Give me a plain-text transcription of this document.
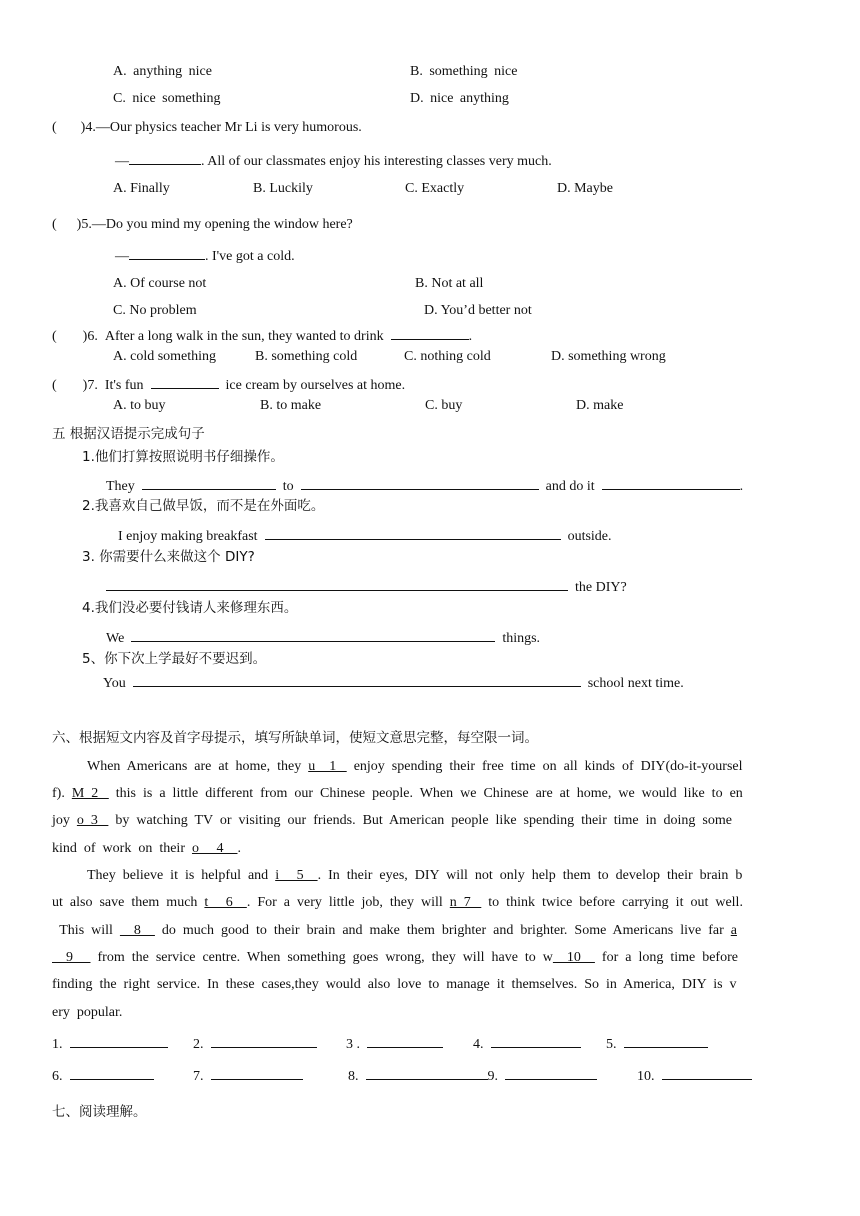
A. anything nice	B. something nice
C. nice something	D. nice anything
( )4.—Our physics teacher Mr Li is very humorous.
—	. All of our classmates enjoy his interesting classes very much.
A. Finally	B. Luckily	C. Exactly	D. Maybe
( )5.—Do you mind my opening the window here?
—	. I've got a cold.
A. Of course not	B. Not at all
C. No problem	D. You’d better not
( )6. After a long walk in the sun, they wanted to drink	.
A. cold something	B. something cold	C. nothing cold	D. something wrong
( )7. It's fun	ice cream by ourselves at home.
A. to buy	B. to make	C. buy	D. make
五 根据汉语提示完成句子
1.他们打算按照说明书仔细操作。
They	to	and do it	.
2.我喜欢自己做早饭，而不是在外面吃。
I enjoy making breakfast	outside.
3. 你需要什么来做这个 DIY?
the DIY?
4.我们没必要付钱请人来修理东西。
We	things.
5、你下次上学最好不要迟到。
You	school next time.
六、根据短文内容及首字母提示，填写所缺单词，使短文意思完整，每空限一词。
When  Americans  are  at  home,  they  u    1     enjoy  spending  their  free  time  on  all  kinds  of  DIY(do-it-yoursel
f).  M  2     this  is  a  little  different  from  our  Chinese  people.  When  we  Chinese  are  at  home,  we  would  like  to  en
joy  o  3     by  watching  TV  or  visiting  our  friends.  But  American  people  like  spending  their  time  in  doing  some
kind  of  work  on  their  o     4    .
They  believe  it  is  helpful  and  i     5    .  In  their  eyes,  DIY  will  not  only  help  them  to  develop  their  brain  b
ut  also  save  them  much  t     6    .  For  a  very  little  job,  they  will  n  7     to  think  twice  before  carrying  it  out  well.
This  will      8      do  much  good  to  their  brain  and  make  them  brighter  and  brighter.  Some  Americans  live  far  a
9       from  the  service  centre.  When  something  goes  wrong,  they  will  have  to  w    10      for  a  long  time  before
finding  the  right  service.  In  these  cases,they  would  also  love  to  manage  it  themselves.  So  in  America,  DIY  is  v
ery  popular.
1.	2.	3 .	4.	5.
6.	7.	8.	9.	10.
七、阅读理解。
